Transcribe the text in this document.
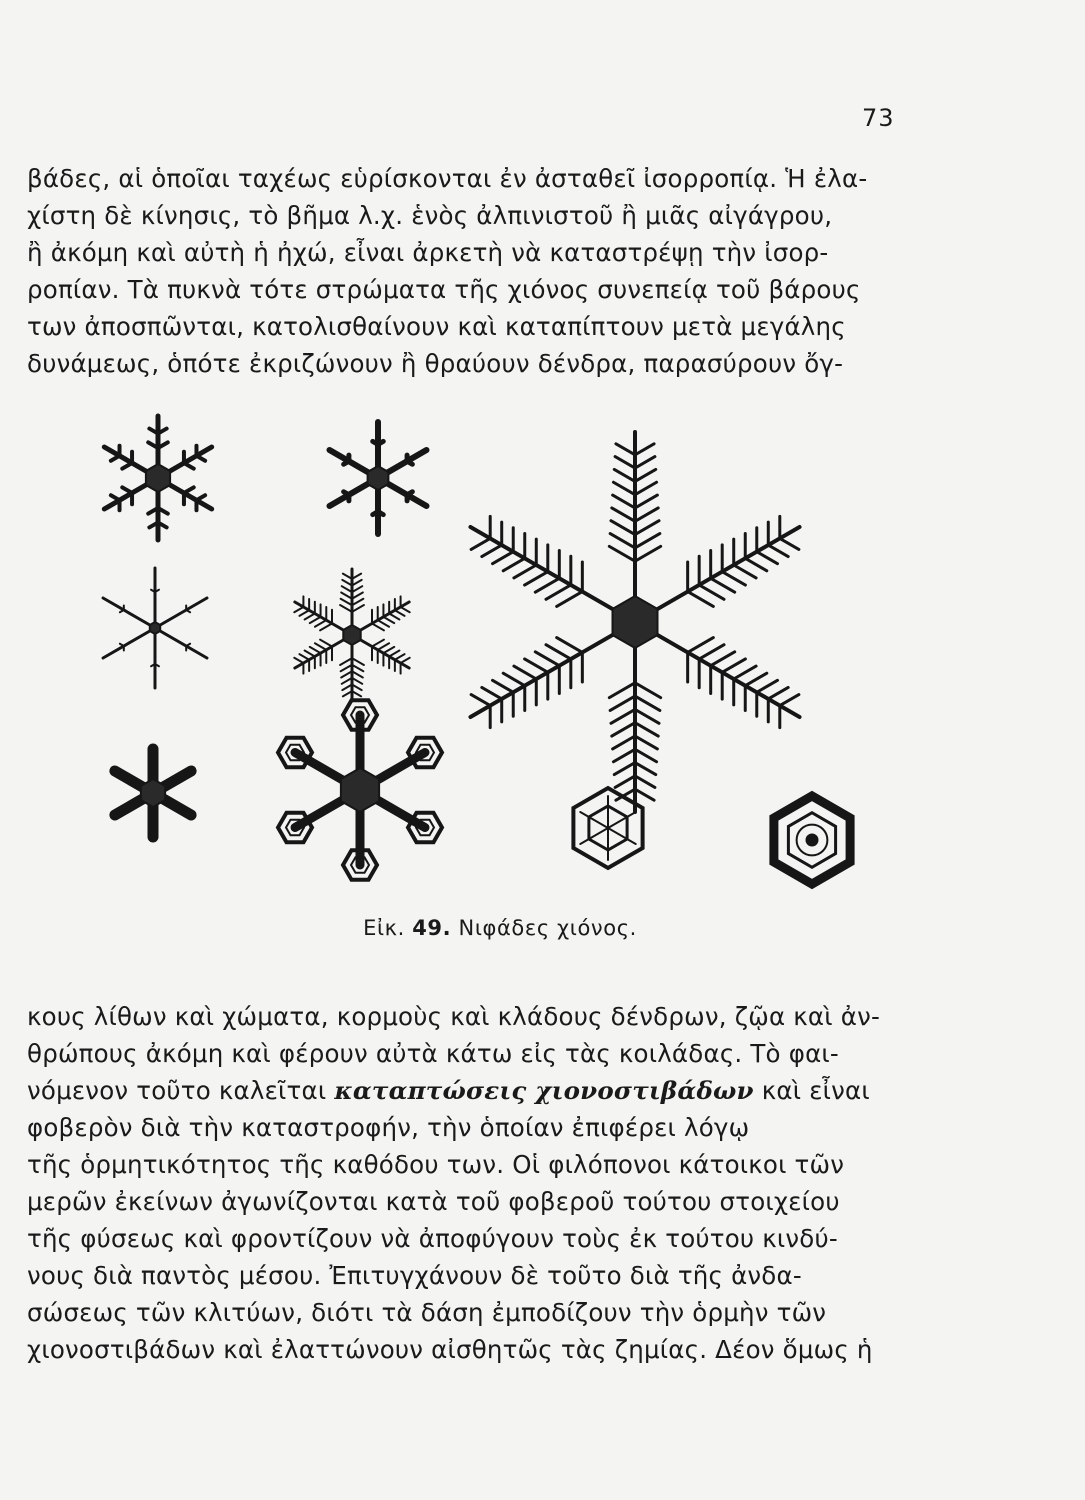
73
βάδες, αἱ ὁποῖαι ταχέως εὑρίσκονται ἐν ἀσταθεῖ ἰσορροπίᾳ. Ἡ ἐλα-
χίστη δὲ κίνησις, τὸ βῆμα λ.χ. ἑνὸς ἀλπινιστοῦ ἢ μιᾶς αἰγάγρου,
ἢ ἀκόμη καὶ αὐτὴ ἡ ἠχώ, εἶναι ἀρκετὴ νὰ καταστρέψῃ τὴν ἰσορ-
ροπίαν. Τὰ πυκνὰ τότε στρώματα τῆς χιόνος συνεπείᾳ τοῦ βάρους
των ἀποσπῶνται, κατολισθαίνουν καὶ καταπίπτουν μετὰ μεγάλης
δυνάμεως, ὁπότε ἐκριζώνουν ἢ θραύουν δένδρα, παρασύρουν ὄγ-
Εἰκ. 49. Νιφάδες χιόνος.
κους λίθων καὶ χώματα, κορμοὺς καὶ κλάδους δένδρων, ζῷα καὶ ἀν-
θρώπους ἀκόμη καὶ φέρουν αὐτὰ κάτω εἰς τὰς κοιλάδας. Τὸ φαι-
νόμενον τοῦτο καλεῖται καταπτώσεις χιονοστιβάδων καὶ εἶναι
φοβερὸν διὰ τὴν καταστροφήν, τὴν ὁποίαν ἐπιφέρει λόγῳ
τῆς ὁρμητικότητος τῆς καθόδου των. Οἱ φιλόπονοι κάτοικοι τῶν
μερῶν ἐκείνων ἀγωνίζονται κατὰ τοῦ φοβεροῦ τούτου στοιχείου
τῆς φύσεως καὶ φροντίζουν νὰ ἀποφύγουν τοὺς ἐκ τούτου κινδύ-
νους διὰ παντὸς μέσου. Ἐπιτυγχάνουν δὲ τοῦτο διὰ τῆς ἀνδα-
σώσεως τῶν κλιτύων, διότι τὰ δάση ἐμποδίζουν τὴν ὁρμὴν τῶν
χιονοστιβάδων καὶ ἐλαττώνουν αἰσθητῶς τὰς ζημίας. Δέον ὅμως ἡ
